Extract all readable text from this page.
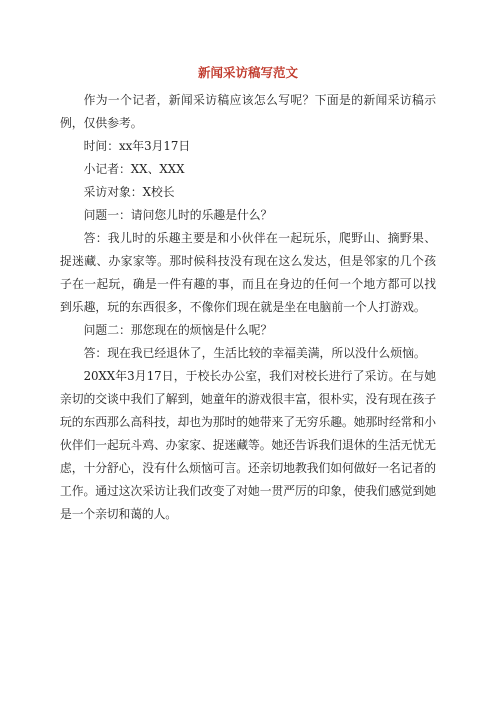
新闻采访稿写范文

作为一个记者，新闻采访稿应该怎么写呢？下面是的新闻采访稿示例，仅供参考。

时间：xx年3月17日

小记者：XX、XXX

采访对象：X校长

问题一：请问您儿时的乐趣是什么？

答：我儿时的乐趣主要是和小伙伴在一起玩乐，爬野山、摘野果、捉迷藏、办家家等。那时候科技没有现在这么发达，但是邻家的几个孩子在一起玩，确是一件有趣的事，而且在身边的任何一个地方都可以找到乐趣，玩的东西很多，不像你们现在就是坐在电脑前一个人打游戏。

问题二：那您现在的烦恼是什么呢？

答：现在我已经退休了，生活比较的幸福美满，所以没什么烦恼。

20XX年3月17日，于校长办公室，我们对校长进行了采访。在与她亲切的交谈中我们了解到，她童年的游戏很丰富，很朴实，没有现在孩子玩的东西那么高科技，却也为那时的她带来了无穷乐趣。她那时经常和小伙伴们一起玩斗鸡、办家家、捉迷藏等。她还告诉我们退休的生活无忧无虑，十分舒心，没有什么烦恼可言。还亲切地教我们如何做好一名记者的工作。通过这次采访让我们改变了对她一贯严厉的印象，使我们感觉到她是一个亲切和蔼的人。
